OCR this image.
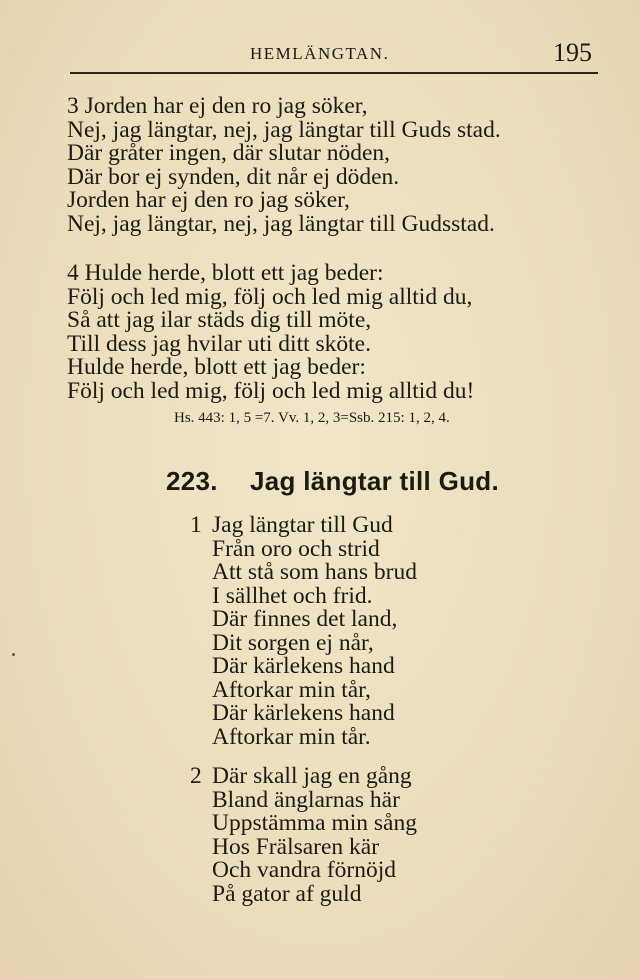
HEMLÄNGTAN.	195
3 Jorden har ej den ro jag söker,
Nej, jag längtar, nej, jag längtar till Guds stad.
Där gråter ingen, där slutar nöden,
Där bor ej synden, dit når ej döden.
Jorden har ej den ro jag söker,
Nej, jag längtar, nej, jag längtar till Gudsstad.
4 Hulde herde, blott ett jag beder:
Följ och led mig, följ och led mig alltid du,
Så att jag ilar städs dig till möte,
Till dess jag hvilar uti ditt sköte.
Hulde herde, blott ett jag beder:
Följ och led mig, följ och led mig alltid du!
Hs. 443: 1, 5 =7. Vv. 1, 2, 3=Ssb. 215: 1, 2, 4.
223. Jag längtar till Gud.
1 Jag längtar till Gud
Från oro och strid
Att stå som hans brud
I sällhet och frid.
Där finnes det land,
Dit sorgen ej når,
Där kärlekens hand
Aftorkar min tår,
Där kärlekens hand
Aftorkar min tår.
2 Där skall jag en gång
Bland änglarnas här
Uppstämma min sång
Hos Frälsaren kär
Och vandra förnöjd
På gator af guld
